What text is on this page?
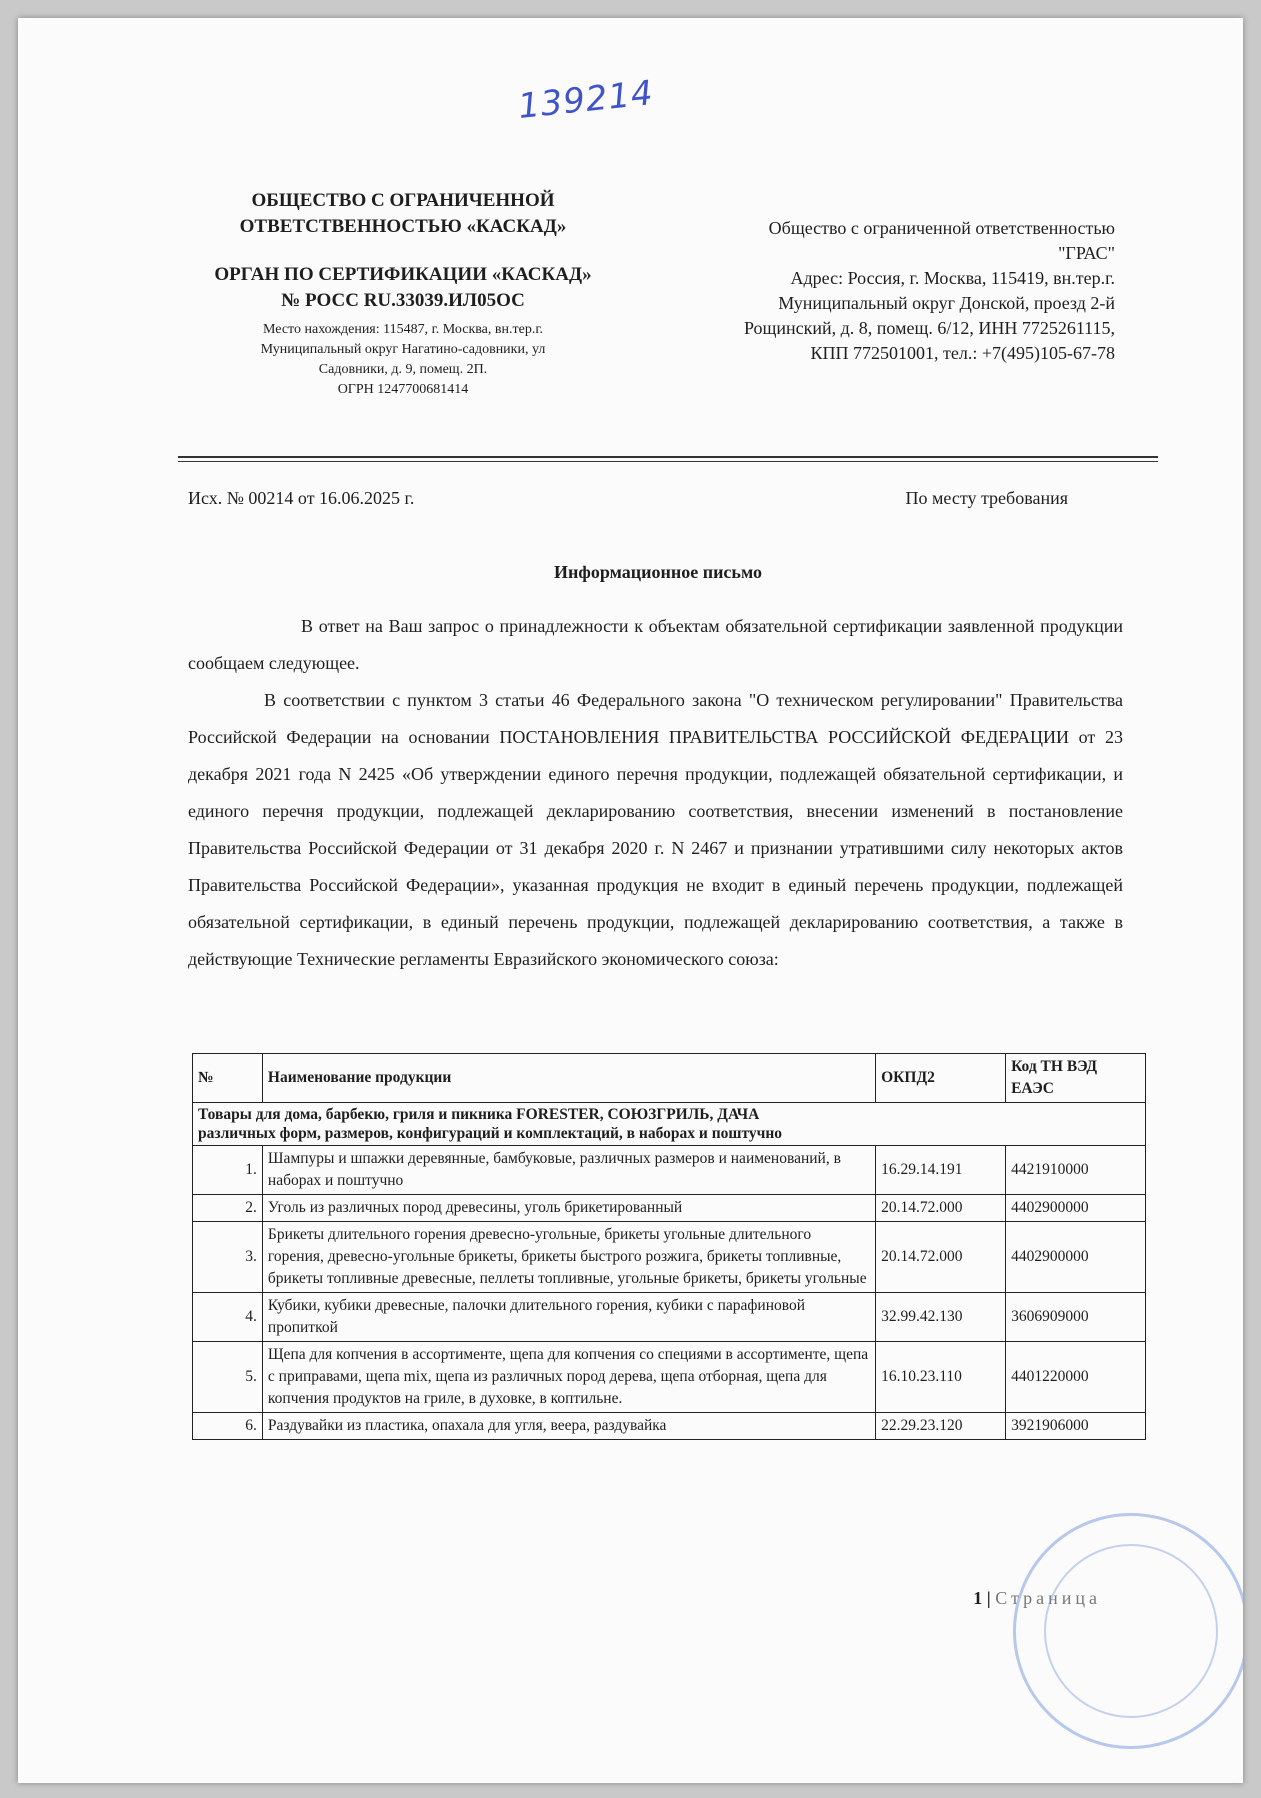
139214
ОБЩЕСТВО С ОГРАНИЧЕННОЙ
ОТВЕТСТВЕННОСТЬЮ «КАСКАД»
ОРГАН ПО СЕРТИФИКАЦИИ «КАСКАД»
№ РОСС RU.33039.ИЛ05ОС
Место нахождения: 115487, г. Москва, вн.тер.г.
Муниципальный округ Нагатино-садовники, ул
Садовники, д. 9, помещ. 2П.
ОГРН 1247700681414
Общество с ограниченной ответственностью
"ГРАС"
Адрес: Россия, г. Москва, 115419, вн.тер.г.
Муниципальный округ Донской, проезд 2-й
Рощинский, д. 8, помещ. 6/12, ИНН 7725261115,
КПП 772501001, тел.: +7(495)105-67-78
Исх. № 00214 от 16.06.2025 г.	По месту требования
Информационное письмо

В ответ на Ваш запрос о принадлежности к объектам обязательной сертификации заявленной продукции сообщаем следующее.

В соответствии с пунктом 3 статьи 46 Федерального закона "О техническом регулировании" Правительства Российской Федерации на основании ПОСТАНОВЛЕНИЯ ПРАВИТЕЛЬСТВА РОССИЙСКОЙ ФЕДЕРАЦИИ от 23 декабря 2021 года N 2425 «Об утверждении единого перечня продукции, подлежащей обязательной сертификации, и единого перечня продукции, подлежащей декларированию соответствия, внесении изменений в постановление Правительства Российской Федерации от 31 декабря 2020 г. N 2467 и признании утратившими силу некоторых актов Правительства Российской Федерации», указанная продукция не входит в единый перечень продукции, подлежащей обязательной сертификации, в единый перечень продукции, подлежащей декларированию соответствия, а также в действующие Технические регламенты Евразийского экономического союза:

№	Наименование продукции	ОКПД2	Код ТН ВЭД ЕАЭС

Товары для дома, барбекю, гриля и пикника FORESTER, СОЮЗГРИЛЬ, ДАЧА
различных форм, размеров, конфигураций и комплектаций, в наборах и поштучно			

1.	Шампуры и шпажки деревянные, бамбуковые, различных размеров и наименований, в наборах и поштучно	16.29.14.191	4421910000
2.	Уголь из различных пород древесины, уголь брикетированный	20.14.72.000	4402900000
3.	Брикеты длительного горения древесно-угольные, брикеты угольные длительного горения, древесно-угольные брикеты, брикеты быстрого розжига, брикеты топливные, брикеты топливные древесные, пеллеты топливные, угольные брикеты, брикеты угольные	20.14.72.000	4402900000
4.	Кубики, кубики древесные, палочки длительного горения, кубики с парафиновой пропиткой	32.99.42.130	3606909000
5.	Щепа для копчения в ассортименте, щепа для копчения со специями в ассортименте, щепа с приправами, щепа mix, щепа из различных пород дерева, щепа отборная, щепа для копчения продуктов на гриле, в духовке, в коптильне.	16.10.23.110	4401220000
6.	Раздувайки из пластика, опахала для угля, веера, раздувайка	22.29.23.120	3921906000
1 | Страница
